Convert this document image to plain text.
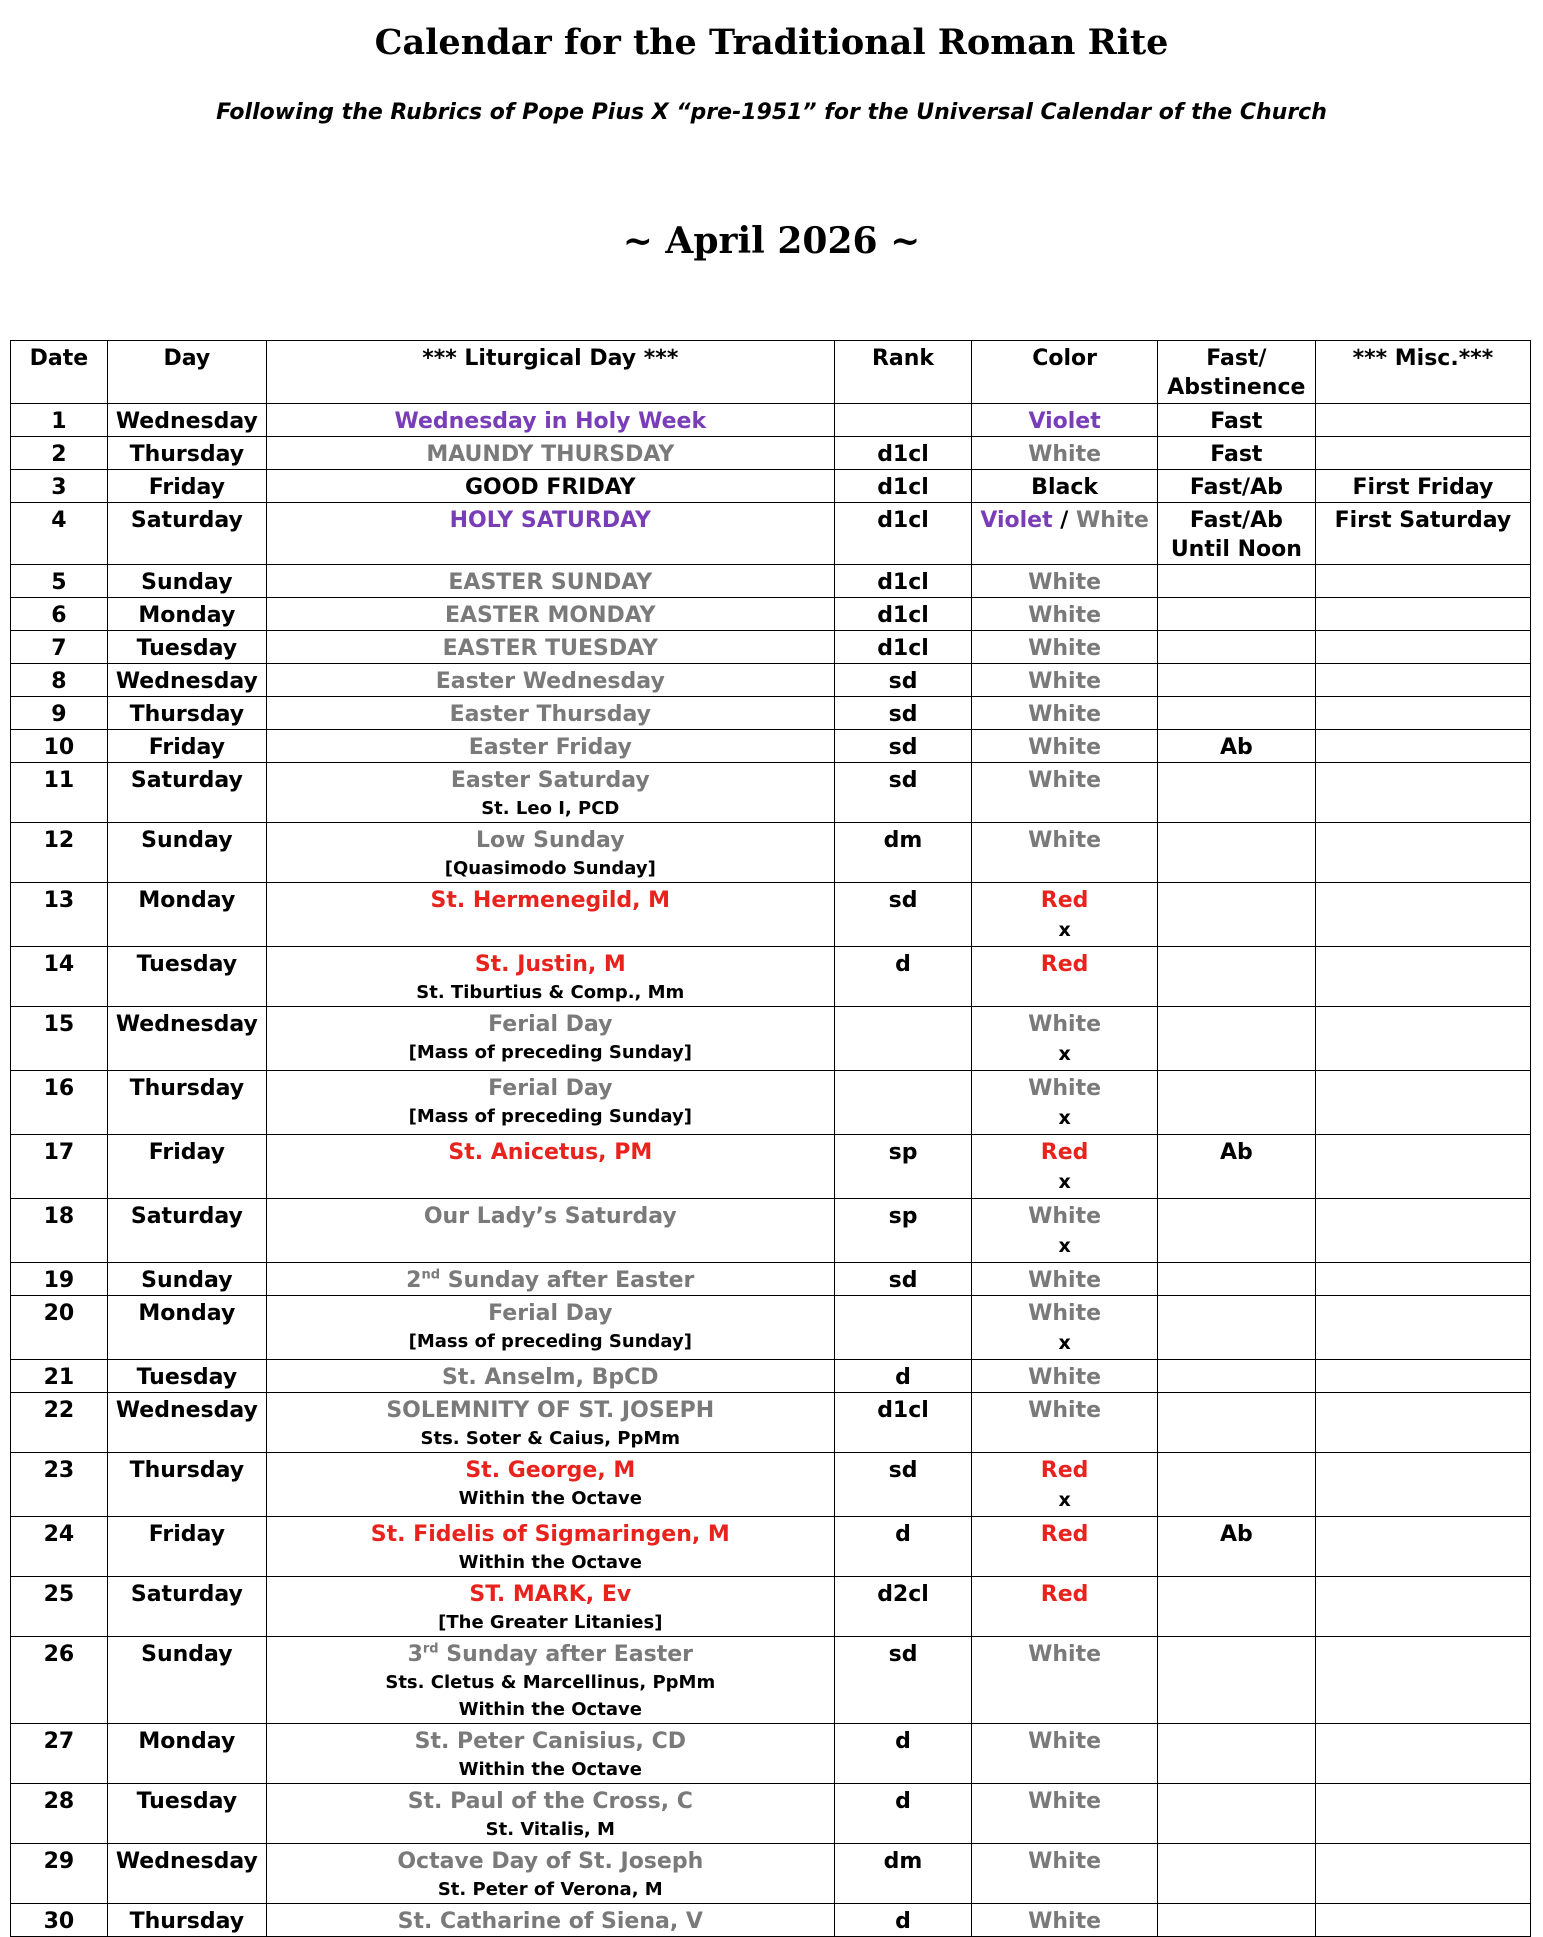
Calendar for the Traditional Roman Rite
Following the Rubrics of Pope Pius X “pre-1951” for the Universal Calendar of the Church
~ April 2026 ~
Date	Day	*** Liturgical Day ***	Rank	Color	Fast/
Abstinence	*** Misc.***
1	Wednesday	Wednesday in Holy Week		Violet	Fast	
2	Thursday	MAUNDY THURSDAY	d1cl	White	Fast	
3	Friday	GOOD FRIDAY	d1cl	Black	Fast/Ab	First Friday
4	Saturday	HOLY SATURDAY	d1cl	Violet / White	Fast/Ab
Until Noon	First Saturday
5	Sunday	EASTER SUNDAY	d1cl	White		
6	Monday	EASTER MONDAY	d1cl	White		
7	Tuesday	EASTER TUESDAY	d1cl	White		
8	Wednesday	Easter Wednesday	sd	White		
9	Thursday	Easter Thursday	sd	White		
10	Friday	Easter Friday	sd	White	Ab	
11	Saturday	Easter Saturday
St. Leo I, PCD	sd	White		
12	Sunday	Low Sunday
[Quasimodo Sunday]	dm	White		
13	Monday	St. Hermenegild, M	sd	Red
x		

14	Tuesday	St. Justin, M
St. Tiburtius & Comp., Mm	d	Red		
15	Wednesday	Ferial Day
[Mass of preceding Sunday]		White
x		

16	Thursday	Ferial Day
[Mass of preceding Sunday]		White
x		

17	Friday	St. Anicetus, PM	sp	Red
x	Ab	
18	Saturday	Our Lady’s Saturday	sp	White
x		

19	Sunday	2nd Sunday after Easter	sd	White		
20	Monday	Ferial Day
[Mass of preceding Sunday]		White
x		

21	Tuesday	St. Anselm, BpCD	d	White		
22	Wednesday	SOLEMNITY OF ST. JOSEPH
Sts. Soter & Caius, PpMm	d1cl	White		
23	Thursday	St. George, M
Within the Octave	sd	Red
x		

24	Friday	St. Fidelis of Sigmaringen, M
Within the Octave	d	Red	Ab	
25	Saturday	ST. MARK, Ev
[The Greater Litanies]	d2cl	Red		
26	Sunday	3rd Sunday after Easter
Sts. Cletus & Marcellinus, PpMm
Within the Octave	sd	White		
27	Monday	St. Peter Canisius, CD
Within the Octave	d	White		
28	Tuesday	St. Paul of the Cross, C
St. Vitalis, M	d	White		
29	Wednesday	Octave Day of St. Joseph
St. Peter of Verona, M	dm	White		
30	Thursday	St. Catharine of Siena, V	d	White		
